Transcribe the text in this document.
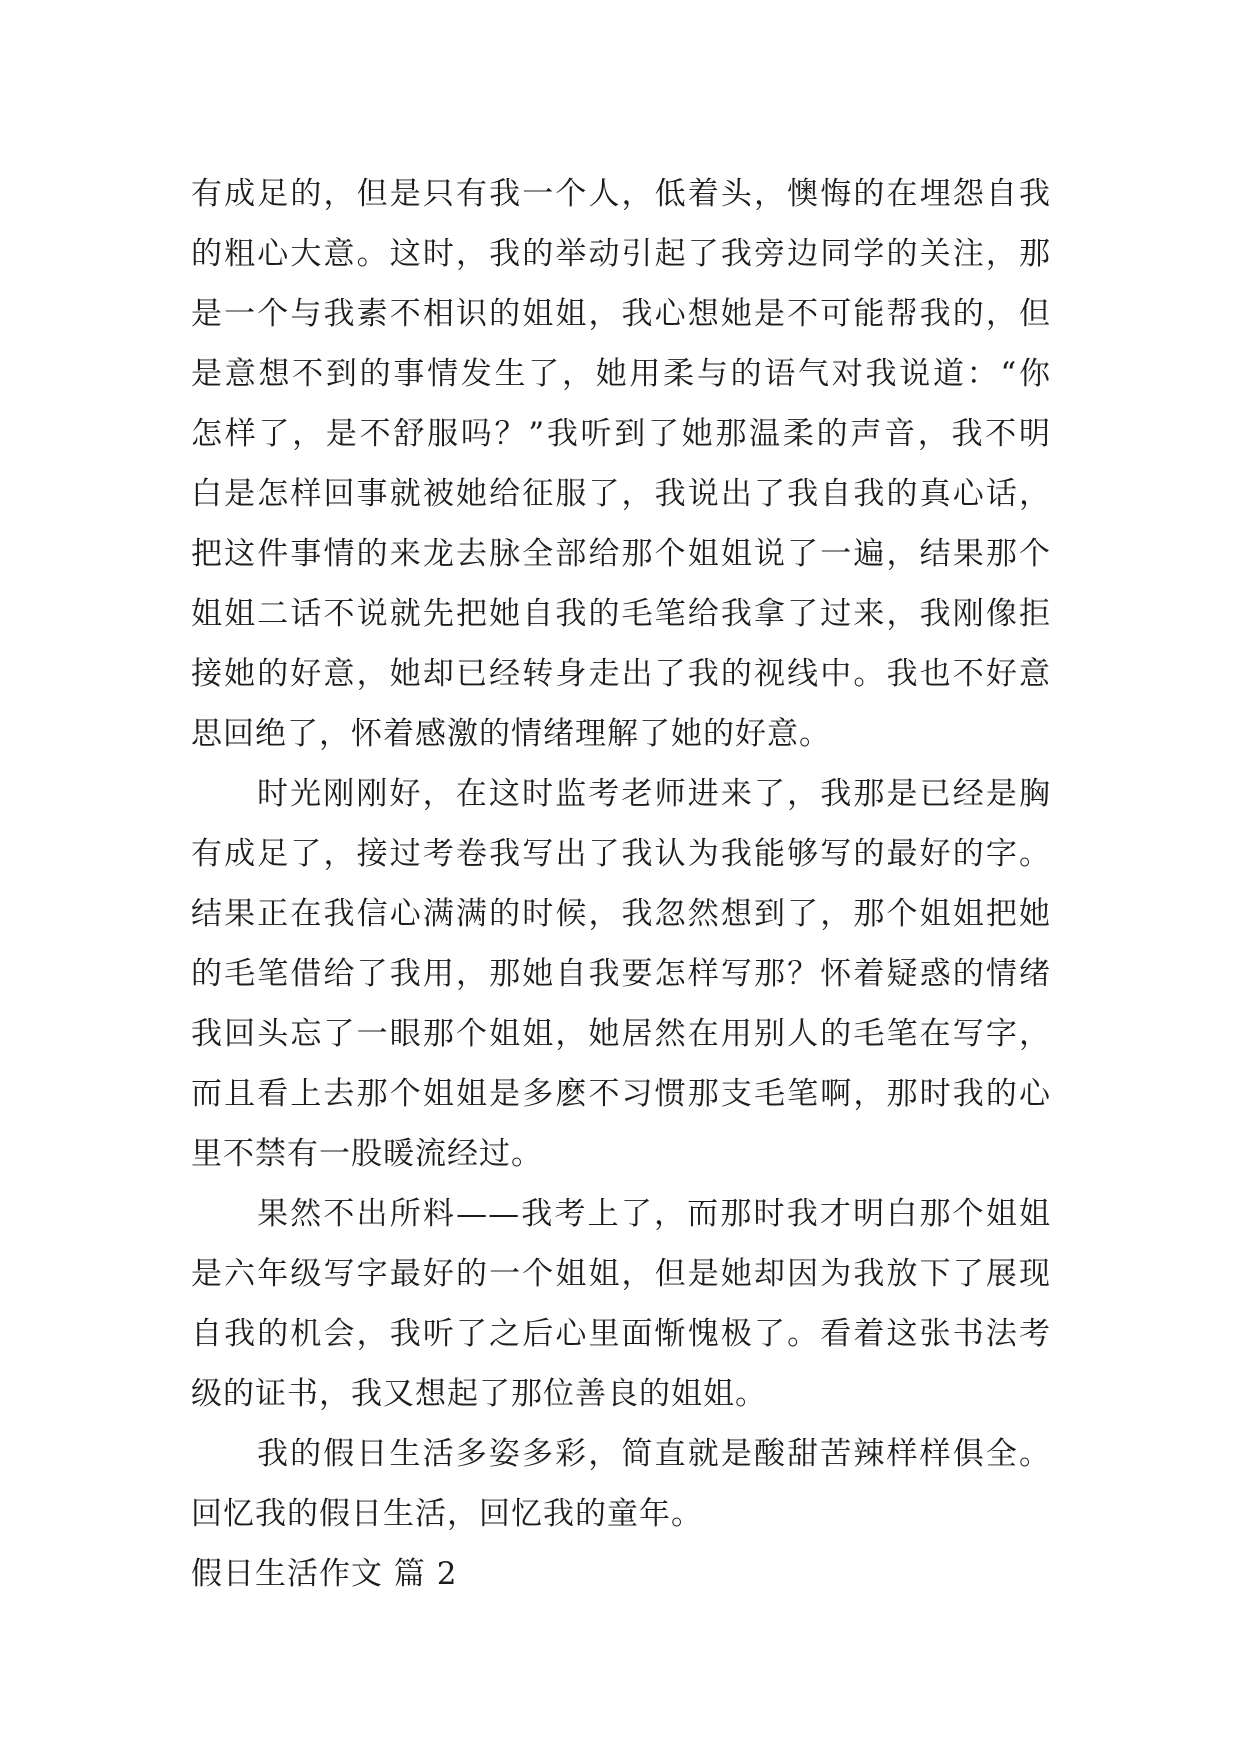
有成足的，但是只有我一个人，低着头，懊悔的在埋怨自我
的粗心大意。这时，我的举动引起了我旁边同学的关注，那
是一个与我素不相识的姐姐，我心想她是不可能帮我的，但
是意想不到的事情发生了，她用柔与的语气对我说道：“你
怎样了，是不舒服吗？”我听到了她那温柔的声音，我不明
白是怎样回事就被她给征服了，我说出了我自我的真心话，
把这件事情的来龙去脉全部给那个姐姐说了一遍，结果那个
姐姐二话不说就先把她自我的毛笔给我拿了过来，我刚像拒
接她的好意，她却已经转身走出了我的视线中。我也不好意
思回绝了，怀着感激的情绪理解了她的好意。
时光刚刚好，在这时监考老师进来了，我那是已经是胸
有成足了，接过考卷我写出了我认为我能够写的最好的字。
结果正在我信心满满的时候，我忽然想到了，那个姐姐把她
的毛笔借给了我用，那她自我要怎样写那？怀着疑惑的情绪
我回头忘了一眼那个姐姐，她居然在用别人的毛笔在写字，
而且看上去那个姐姐是多麽不习惯那支毛笔啊，那时我的心
里不禁有一股暖流经过。
果然不出所料——我考上了，而那时我才明白那个姐姐
是六年级写字最好的一个姐姐，但是她却因为我放下了展现
自我的机会，我听了之后心里面惭愧极了。看着这张书法考
级的证书，我又想起了那位善良的姐姐。
我的假日生活多姿多彩，简直就是酸甜苦辣样样俱全。
回忆我的假日生活，回忆我的童年。
假日生活作文 篇 2
